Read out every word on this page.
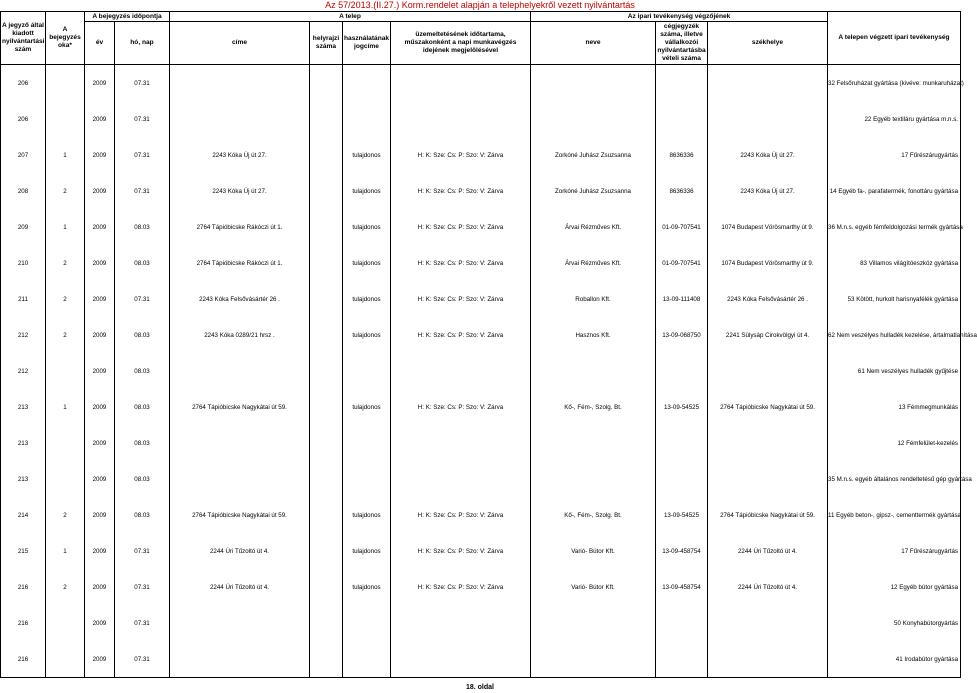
Az 57/2013.(II.27.) Korm.rendelet alapján a telephelyekről vezett nyilvántartás
A jegyző által kiadott nyilvántartási szám	A bejegyzés oka*	A bejegyzés időpontja		A telep				Az ipari tevékenység végzőjének			A telepen végzett ipari tevékenység
		év	hó, nap	címe	helyrajzi száma	használatának jogcíme	üzemeltetésének időtartama, műszakonként a napi munkavégzés idejének megjelölésével	neve	cégjegyzék száma, illetve vállalkozói nyilvántartásba vételi száma	székhelye	
206		2009	07.31								32 Felsőruházat gyártása (kivéve: munkaruházat)
206		2009	07.31								22 Egyéb textiláru gyártása m.n.s.
207	1	2009	07.31	2243 Kóka Új út 27.		tulajdonos	H: K: Sze: Cs: P: Szo: V: Zárva	Zorkóné Juhász Zsuzsanna	8636336	2243 Kóka Új út 27.	17 Fűrészárugyártás
208	2	2009	07.31	2243 Kóka Új út 27.		tulajdonos	H: K: Sze: Cs: P: Szo: V: Zárva	Zorkóné Juhász Zsuzsanna	8636336	2243 Kóka Új út 27.	14 Egyéb fa-, parafatermék, fonottáru gyártása
209	1	2009	08.03	2764 Tápióbicske Rákóczi út 1.		tulajdonos	H: K: Sze: Cs: P: Szo: V: Zárva	Árvai Rézműves Kft.	01-09-707541	1074 Budapest Vörösmarthy út 9.	36 M.n.s. egyéb fémfeldolgozási termék gyártása
210	2	2009	08.03	2764 Tápióbicske Rákóczi út 1.		tulajdonos	H: K: Sze: Cs: P: Szo: V: Zárva	Árvai Rézműves Kft.	01-09-707541	1074 Budapest Vörösmarthy út 9.	83 Villamos világítóeszköz gyártása
211	2	2009	07.31	2243 Kóka Felsővásártér 26 .		tulajdonos	H: K: Sze: Cs: P: Szo: V: Zárva	Roballon Kft.	13-09-111408	2243 Kóka Felsővásártér 26 .	53 Kötött, hurkolt harisnyafélék gyártása
212	2	2009	08.03	2243 Kóka 0289/21 hrsz .		tulajdonos	H: K: Sze: Cs: P: Szo: V: Zárva	Hasznos Kft.	13-09-068750	2241 Sülysáp Cirokvölgyi út 4.	62 Nem veszélyes hulladék kezelése, ártalmatlanítása
212		2009	08.03								61 Nem veszélyes hulladék gyűjtése
213	1	2009	08.03	2764 Tápióbicske Nagykátai út 59.		tulajdonos	H: K: Sze: Cs: P: Szo: V: Zárva	Kő-, Fém-, Szolg. Bt.	13-09-54525	2764 Tápióbicske Nagykátai út 59.	13 Fémmegmunkálás
213		2009	08.03								12 Fémfelület-kezelés
213		2009	08.03								35 M.n.s. egyéb általános rendeltetésű gép gyártása
214	2	2009	08.03	2764 Tápióbicske Nagykátai út 59.		tulajdonos	H: K: Sze: Cs: P: Szo: V: Zárva	Kő-, Fém-, Szolg. Bt.	13-09-54525	2764 Tápióbicske Nagykátai út 59.	11 Egyéb beton-, gipsz-, cementtermék gyártása
215	1	2009	07.31	2244 Úri Tűzoltó út 4.		tulajdonos	H: K: Sze: Cs: P: Szo: V: Zárva	Varió- Bútor Kft.	13-09-458754	2244 Úri Tűzoltó út 4.	17 Fűrészárugyártás
216	2	2009	07.31	2244 Úri Tűzoltó út 4.		tulajdonos	H: K: Sze: Cs: P: Szo: V: Zárva	Varió- Bútor Kft.	13-09-458754	2244 Úri Tűzoltó út 4.	12 Egyéb bútor gyártása
216		2009	07.31								50 Konyhabútorgyártás
216		2009	07.31								41 Irodabútor gyártása
18. oldal
